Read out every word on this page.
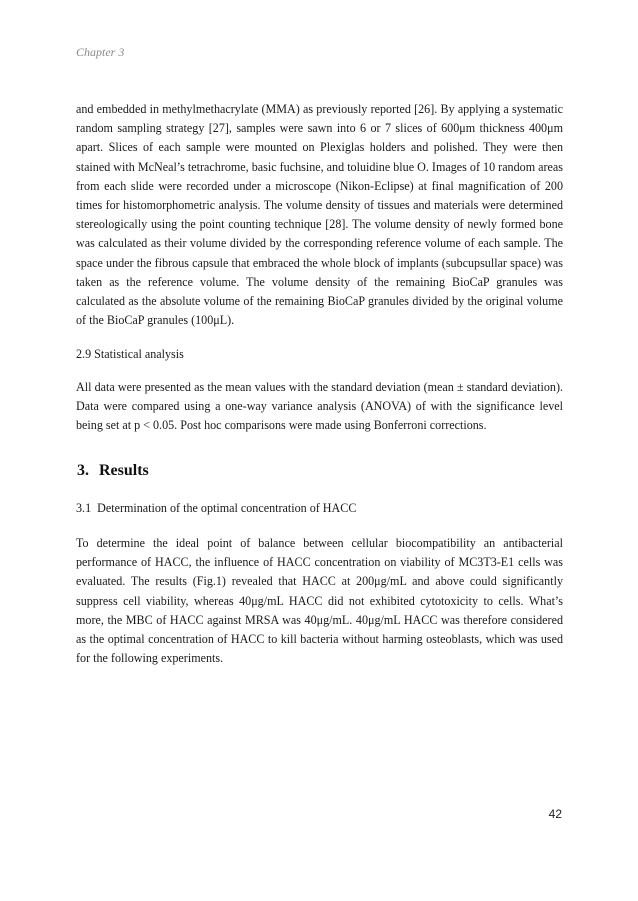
Chapter 3

and embedded in methylmethacrylate (MMA) as previously reported [26]. By applying a systematic random sampling strategy [27], samples were sawn into 6 or 7 slices of 600μm thickness 400μm apart. Slices of each sample were mounted on Plexiglas holders and polished. They were then stained with McNeal’s tetrachrome, basic fuchsine, and toluidine blue O. Images of 10 random areas from each slide were recorded under a microscope (Nikon-Eclipse) at final magnification of 200 times for histomorphometric analysis. The volume density of tissues and materials were determined stereologically using the point counting technique [28]. The volume density of newly formed bone was calculated as their volume divided by the corresponding reference volume of each sample. The space under the fibrous capsule that embraced the whole block of implants (subcupsullar space) was taken as the reference volume. The volume density of the remaining BioCaP granules was calculated as the absolute volume of the remaining BioCaP granules divided by the original volume of the BioCaP granules (100μL).

2.9 Statistical analysis

All data were presented as the mean values with the standard deviation (mean ± standard deviation). Data were compared using a one-way variance analysis (ANOVA) of with the significance level being set at p < 0.05. Post hoc comparisons were made using Bonferroni corrections.

3. Results
3.1 Determination of the optimal concentration of HACC

To determine the ideal point of balance between cellular biocompatibility an antibacterial performance of HACC, the influence of HACC concentration on viability of MC3T3-E1 cells was evaluated. The results (Fig.1) revealed that HACC at 200μg/mL and above could significantly suppress cell viability, whereas 40μg/mL HACC did not exhibited cytotoxicity to cells. What’s more, the MBC of HACC against MRSA was 40μg/mL. 40μg/mL HACC was therefore considered as the optimal concentration of HACC to kill bacteria without harming osteoblasts, which was used for the following experiments.

42
